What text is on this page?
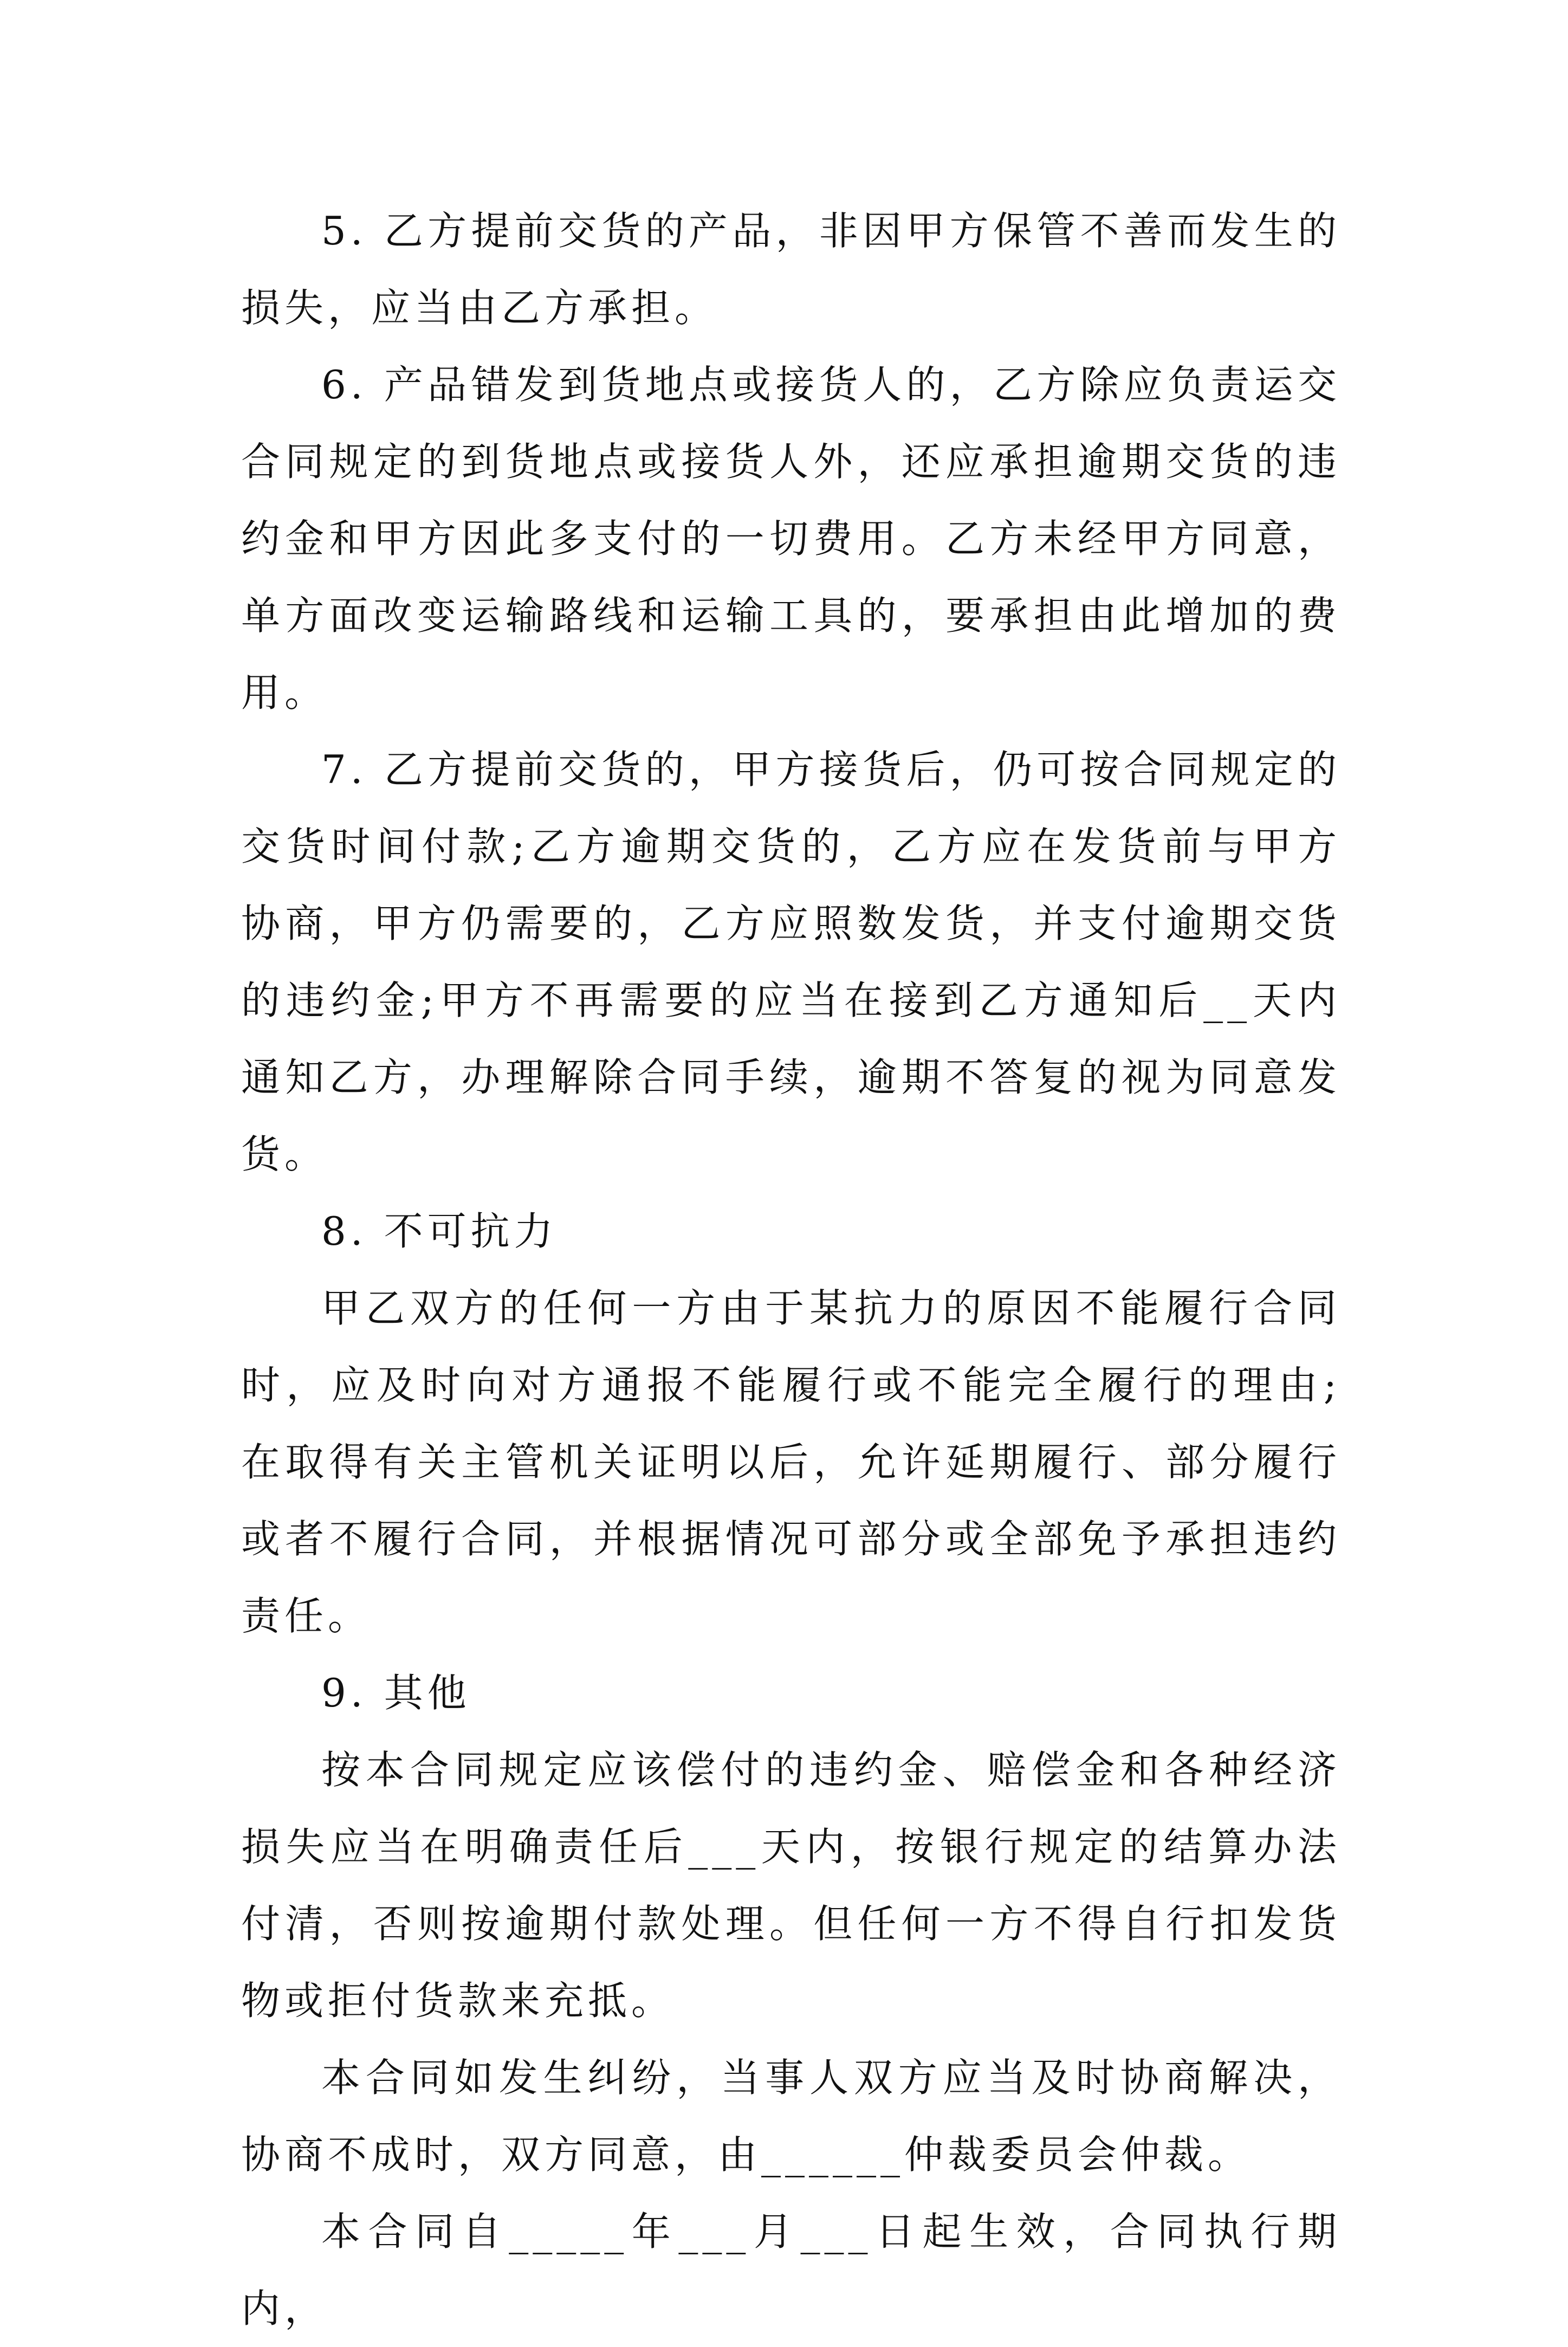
5. 乙方提前交货的产品，非因甲方保管不善而发生的损失，应当由乙方承担。

6. 产品错发到货地点或接货人的，乙方除应负责运交合同规定的到货地点或接货人外，还应承担逾期交货的违约金和甲方因此多支付的一切费用。乙方未经甲方同意，单方面改变运输路线和运输工具的，要承担由此增加的费用。

7. 乙方提前交货的，甲方接货后，仍可按合同规定的交货时间付款;乙方逾期交货的，乙方应在发货前与甲方协商，甲方仍需要的，乙方应照数发货，并支付逾期交货的违约金;甲方不再需要的应当在接到乙方通知后__天内通知乙方，办理解除合同手续，逾期不答复的视为同意发货。

8. 不可抗力

甲乙双方的任何一方由于某抗力的原因不能履行合同时，应及时向对方通报不能履行或不能完全履行的理由;在取得有关主管机关证明以后，允许延期履行、部分履行或者不履行合同，并根据情况可部分或全部免予承担违约责任。

9. 其他

按本合同规定应该偿付的违约金、赔偿金和各种经济损失应当在明确责任后___天内，按银行规定的结算办法付清，否则按逾期付款处理。但任何一方不得自行扣发货物或拒付货款来充抵。

本合同如发生纠纷，当事人双方应当及时协商解决，协商不成时，双方同意，由______仲裁委员会仲裁。

本合同自_____年___月___日起生效，合同执行期内，
